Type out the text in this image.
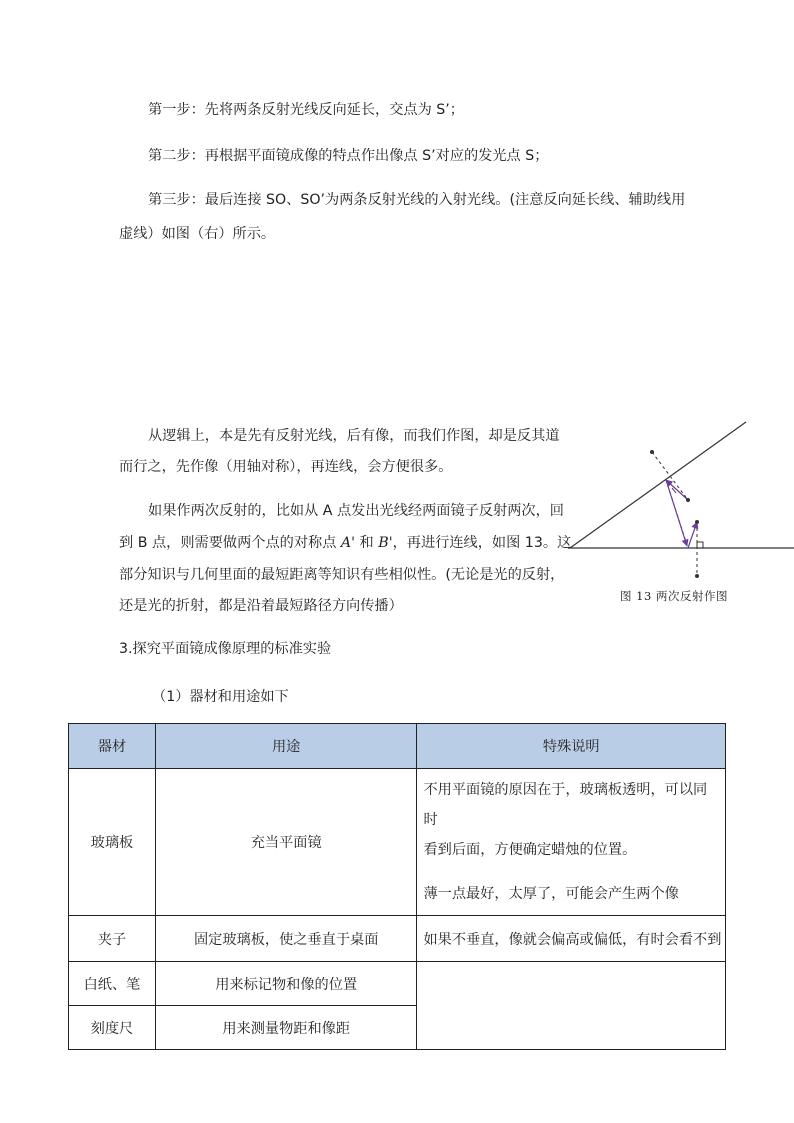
第一步：先将两条反射光线反向延长，交点为 S’；
第二步：再根据平面镜成像的特点作出像点 S’对应的发光点 S；
第三步：最后连接 SO、SO’为两条反射光线的入射光线。(注意反向延长线、辅助线用
虚线）如图（右）所示。
从逻辑上，本是先有反射光线，后有像，而我们作图，却是反其道
而行之，先作像（用轴对称），再连线，会方便很多。
如果作两次反射的，比如从 A 点发出光线经两面镜子反射两次，回
到 B 点，则需要做两个点的对称点 A' 和 B'，再进行连线，如图 13。这
部分知识与几何里面的最短距离等知识有些相似性。(无论是光的反射，
还是光的折射，都是沿着最短路径方向传播）
图 13 两次反射作图
3.探究平面镜成像原理的标准实验
（1）器材和用途如下
器材	用途	特殊说明
玻璃板	充当平面镜	不用平面镜的原因在于，玻璃板透明，可以同时
看到后面，方便确定蜡烛的位置。
薄一点最好，太厚了，可能会产生两个像

夹子	固定玻璃板，使之垂直于桌面	如果不垂直，像就会偏高或偏低，有时会看不到
白纸、笔	用来标记物和像的位置	
刻度尺	用来测量物距和像距	
